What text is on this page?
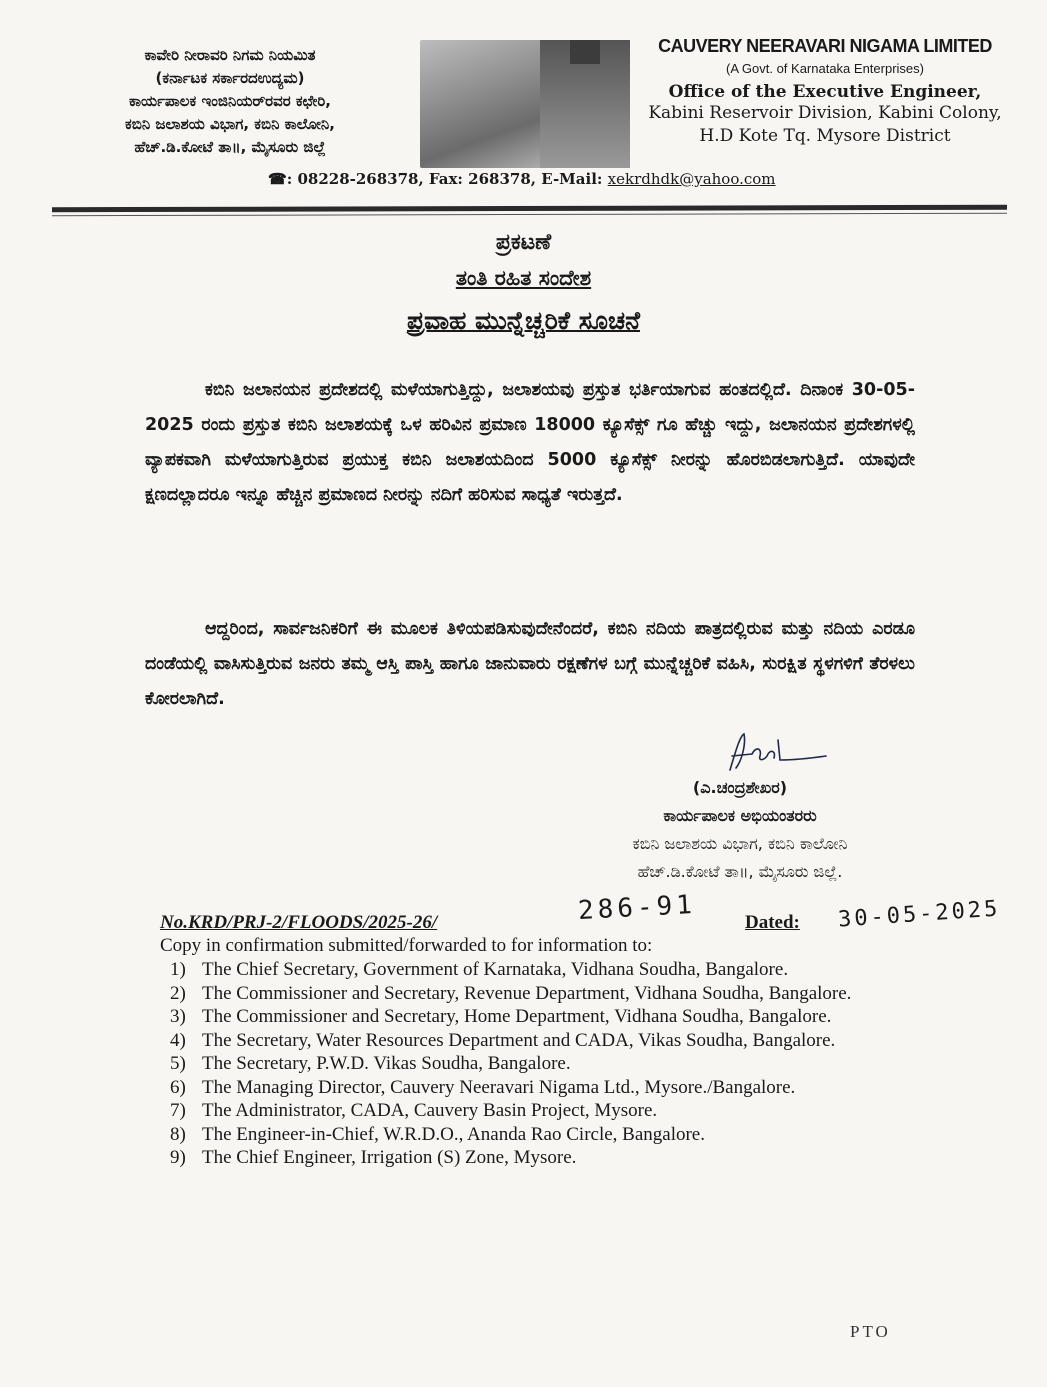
ಕಾವೇರಿ ನೀರಾವರಿ ನಿಗಮ ನಿಯಮಿತ
(ಕರ್ನಾಟಕ ಸರ್ಕಾರದಉದ್ಯಮ)
ಕಾರ್ಯಪಾಲಕ ಇಂಜಿನಿಯರ್‌ರವರ ಕಛೇರಿ,
ಕಬಿನಿ ಜಲಾಶಯ ವಿಭಾಗ, ಕಬಿನಿ ಕಾಲೋನಿ,
ಹೆಚ್.ಡಿ.ಕೋಟೆ ತಾ॥, ಮೈಸೂರು ಜಿಲ್ಲೆ
CAUVERY NEERAVARI NIGAMA LIMITED
(A Govt. of Karnataka Enterprises)
Office of the Executive Engineer,
Kabini Reservoir Division, Kabini Colony,
H.D Kote Tq. Mysore District
☎: 08228-268378, Fax: 268378, E-Mail: xekrdhdk@yahoo.com
ಪ್ರಕಟಣೆ
ತಂತಿ ರಹಿತ ಸಂದೇಶ
ಪ್ರವಾಹ ಮುನ್ನೆಚ್ಚರಿಕೆ ಸೂಚನೆ
ಕಬಿನಿ ಜಲಾನಯನ ಪ್ರದೇಶದಲ್ಲಿ ಮಳೆಯಾಗುತ್ತಿದ್ದು, ಜಲಾಶಯವು ಪ್ರಸ್ತುತ ಭರ್ತಿಯಾಗುವ ಹಂತದಲ್ಲಿದೆ. ದಿನಾಂಕ 30-05-2025 ರಂದು ಪ್ರಸ್ತುತ ಕಬಿನಿ ಜಲಾಶಯಕ್ಕೆ ಒಳ ಹರಿವಿನ ಪ್ರಮಾಣ 18000 ಕ್ಯೂಸೆಕ್ಸ್ ಗೂ ಹೆಚ್ಚು ಇದ್ದು, ಜಲಾನಯನ ಪ್ರದೇಶಗಳಲ್ಲಿ ವ್ಯಾಪಕವಾಗಿ ಮಳೆಯಾಗುತ್ತಿರುವ ಪ್ರಯುಕ್ತ ಕಬಿನಿ ಜಲಾಶಯದಿಂದ 5000 ಕ್ಯೂಸೆಕ್ಸ್ ನೀರನ್ನು ಹೊರಬಿಡಲಾಗುತ್ತಿದೆ. ಯಾವುದೇ ಕ್ಷಣದಲ್ಲಾದರೂ ಇನ್ನೂ ಹೆಚ್ಚಿನ ಪ್ರಮಾಣದ ನೀರನ್ನು ನದಿಗೆ ಹರಿಸುವ ಸಾಧ್ಯತೆ ಇರುತ್ತದೆ.
ಆದ್ದರಿಂದ, ಸಾರ್ವಜನಿಕರಿಗೆ ಈ ಮೂಲಕ ತಿಳಿಯಪಡಿಸುವುದೇನೆಂದರೆ, ಕಬಿನಿ ನದಿಯ ಪಾತ್ರದಲ್ಲಿರುವ ಮತ್ತು ನದಿಯ ಎರಡೂ ದಂಡೆಯಲ್ಲಿ ವಾಸಿಸುತ್ತಿರುವ ಜನರು ತಮ್ಮ ಆಸ್ತಿ ಪಾಸ್ತಿ ಹಾಗೂ ಜಾನುವಾರು ರಕ್ಷಣೆಗಳ ಬಗ್ಗೆ ಮುನ್ನೆಚ್ಚರಿಕೆ ವಹಿಸಿ, ಸುರಕ್ಷಿತ ಸ್ಥಳಗಳಿಗೆ ತೆರಳಲು ಕೋರಲಾಗಿದೆ.
(ಎ.ಚಂದ್ರಶೇಖರ)
ಕಾರ್ಯಪಾಲಕ ಅಭಿಯಂತರರು
ಕಬಿನಿ ಜಲಾಶಯ ವಿಭಾಗ, ಕಬಿನಿ ಕಾಲೋನಿ
ಹೆಚ್.ಡಿ.ಕೋಟೆ ತಾ॥, ಮೈಸೂರು ಜಿಲ್ಲೆ.
No.KRD/PRJ-2/FLOODS/2025-26/	286-91	Dated: 30-05-2025
Copy in confirmation submitted/forwarded to for information to:
1) The Chief Secretary, Government of Karnataka, Vidhana Soudha, Bangalore.
2) The Commissioner and Secretary, Revenue Department, Vidhana Soudha, Bangalore.
3) The Commissioner and Secretary, Home Department, Vidhana Soudha, Bangalore.
4) The Secretary, Water Resources Department and CADA, Vikas Soudha, Bangalore.
5) The Secretary, P.W.D. Vikas Soudha, Bangalore.
6) The Managing Director, Cauvery Neeravari Nigama Ltd., Mysore./Bangalore.
7) The Administrator, CADA, Cauvery Basin Project, Mysore.
8) The Engineer-in-Chief, W.R.D.O., Ananda Rao Circle, Bangalore.
9) The Chief Engineer, Irrigation (S) Zone, Mysore.
PTO
